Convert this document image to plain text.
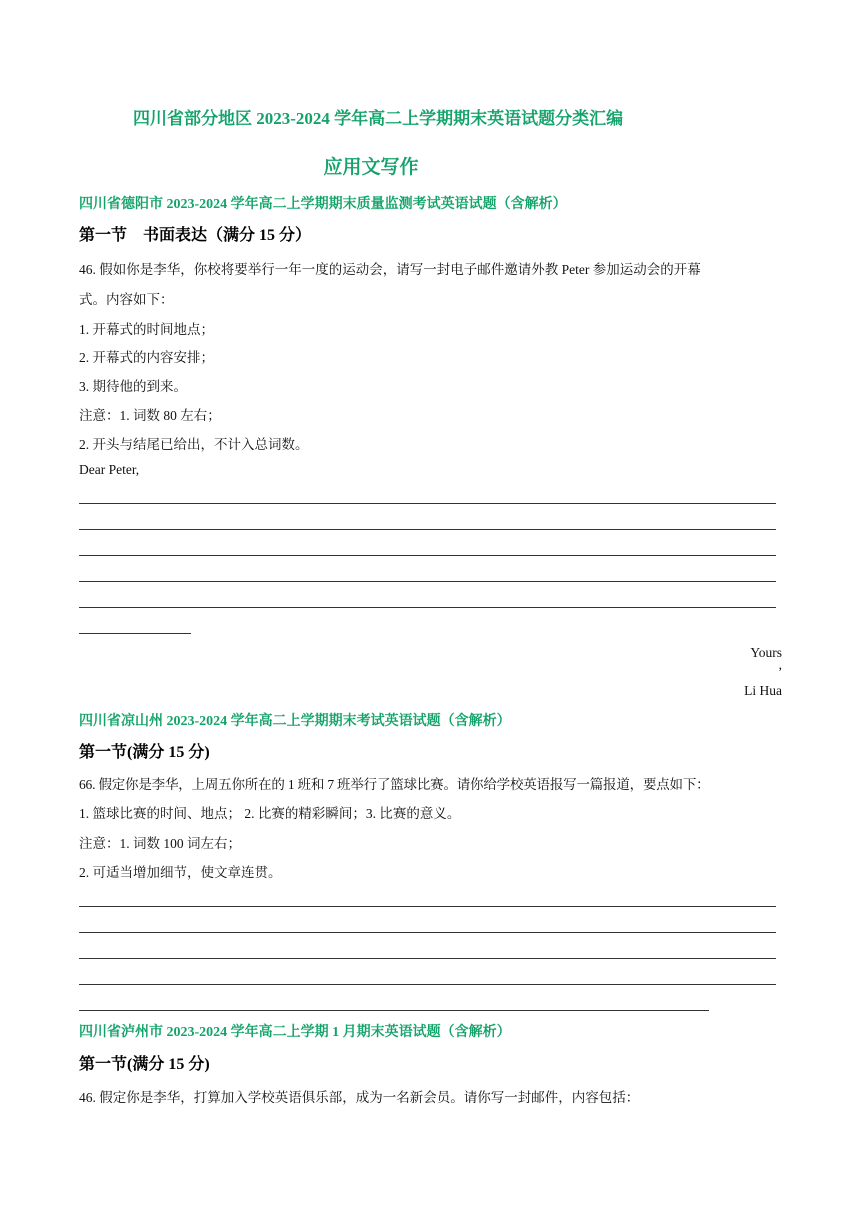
四川省部分地区 2023-2024 学年高二上学期期末英语试题分类汇编
应用文写作
四川省德阳市 2023-2024 学年高二上学期期末质量监测考试英语试题（含解析）
第一节　书面表达（满分 15 分）
46. 假如你是李华，你校将要举行一年一度的运动会，请写一封电子邮件邀请外教 Peter 参加运动会的开幕
式。内容如下：
1. 开幕式的时间地点；
2. 开幕式的内容安排；
3. 期待他的到来。
注意：1. 词数 80 左右；
2. 开头与结尾已给出，不计入总词数。
Dear Peter,
Yours
,
Li Hua
四川省凉山州 2023-2024 学年高二上学期期末考试英语试题（含解析）
第一节(满分 15 分)
66. 假定你是李华，上周五你所在的 1 班和 7 班举行了篮球比赛。请你给学校英语报写一篇报道，要点如下：
1. 篮球比赛的时间、地点； 2. 比赛的精彩瞬间；3. 比赛的意义。
注意：1. 词数 100 词左右；
2. 可适当增加细节，使文章连贯。
四川省泸州市 2023-2024 学年高二上学期 1 月期末英语试题（含解析）
第一节(满分 15 分)
46. 假定你是李华，打算加入学校英语俱乐部，成为一名新会员。请你写一封邮件，内容包括：
